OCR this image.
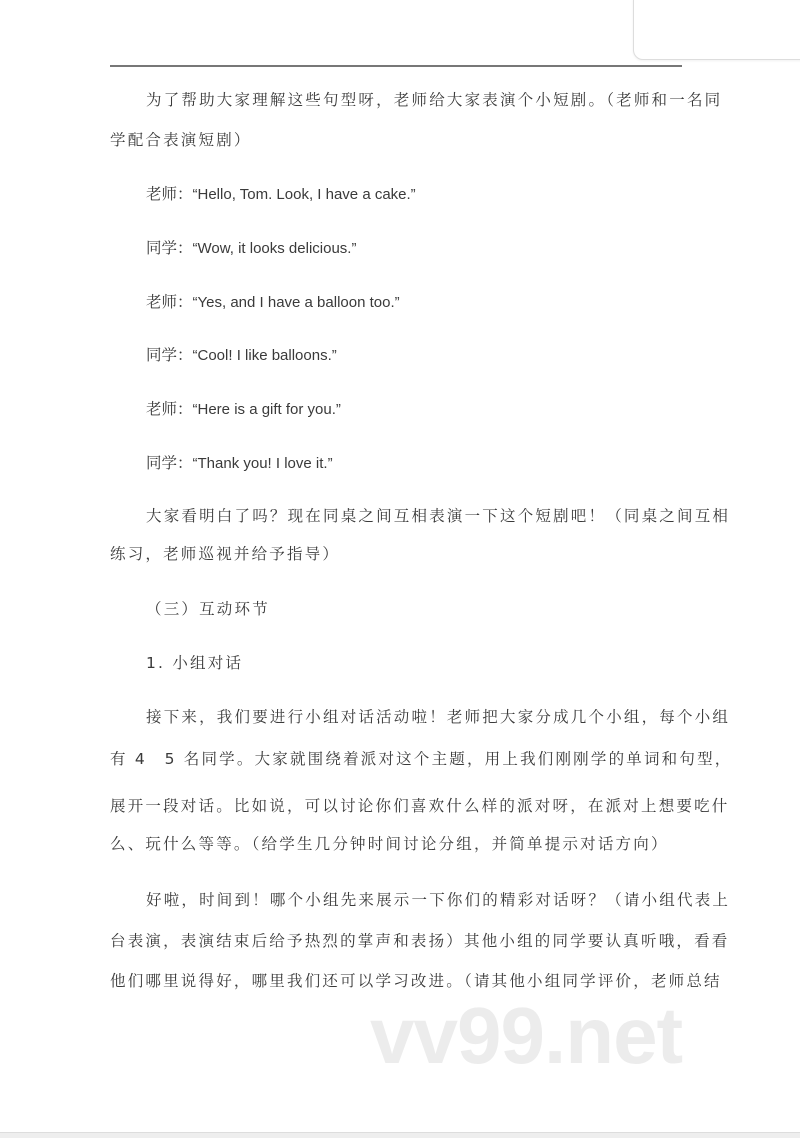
为了帮助大家理解这些句型呀，老师给大家表演个小短剧。（老师和一名同
学配合表演短剧）
老师：“Hello, Tom. Look, I have a cake.”
同学：“Wow, it looks delicious.”
老师：“Yes, and I have a balloon too.”
同学：“Cool! I like balloons.”
老师：“Here is a gift for you.”
同学：“Thank you! I love it.”
大家看明白了吗？现在同桌之间互相表演一下这个短剧吧！（同桌之间互相
练习，老师巡视并给予指导）
（三）互动环节
1. 小组对话
接下来，我们要进行小组对话活动啦！老师把大家分成几个小组，每个小组
有 4　5 名同学。大家就围绕着派对这个主题，用上我们刚刚学的单词和句型，
展开一段对话。比如说，可以讨论你们喜欢什么样的派对呀，在派对上想要吃什
么、玩什么等等。（给学生几分钟时间讨论分组，并简单提示对话方向）
好啦，时间到！哪个小组先来展示一下你们的精彩对话呀？（请小组代表上
台表演，表演结束后给予热烈的掌声和表扬）其他小组的同学要认真听哦，看看
他们哪里说得好，哪里我们还可以学习改进。（请其他小组同学评价，老师总结
vv99.net
